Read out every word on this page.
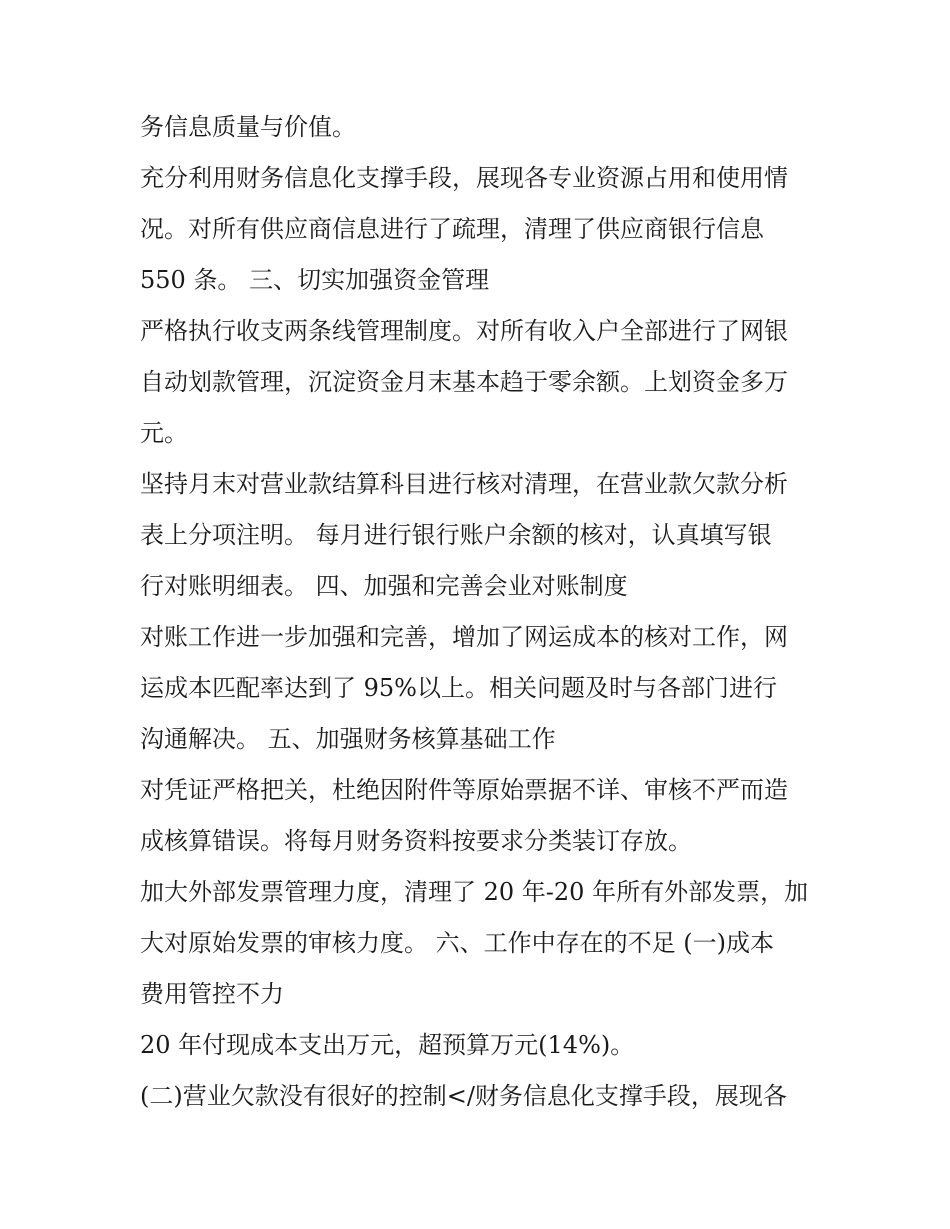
务信息质量与价值。
充分利用财务信息化支撑手段，展现各专业资源占用和使用情
况。对所有供应商信息进行了疏理，清理了供应商银行信息
550 条。 三、切实加强资金管理
严格执行收支两条线管理制度。对所有收入户全部进行了网银
自动划款管理，沉淀资金月末基本趋于零余额。上划资金多万
元。
坚持月末对营业款结算科目进行核对清理，在营业款欠款分析
表上分项注明。 每月进行银行账户余额的核对，认真填写银
行对账明细表。 四、加强和完善会业对账制度
对账工作进一步加强和完善，增加了网运成本的核对工作，网
运成本匹配率达到了 95%以上。相关问题及时与各部门进行
沟通解决。 五、加强财务核算基础工作
对凭证严格把关，杜绝因附件等原始票据不详、审核不严而造
成核算错误。将每月财务资料按要求分类装订存放。
加大外部发票管理力度，清理了 20 年-20 年所有外部发票，加
大对原始发票的审核力度。 六、工作中存在的不足 (一)成本
费用管控不力
20 年付现成本支出万元，超预算万元(14%)。
(二)营业欠款没有很好的控制</财务信息化支撑手段，展现各
